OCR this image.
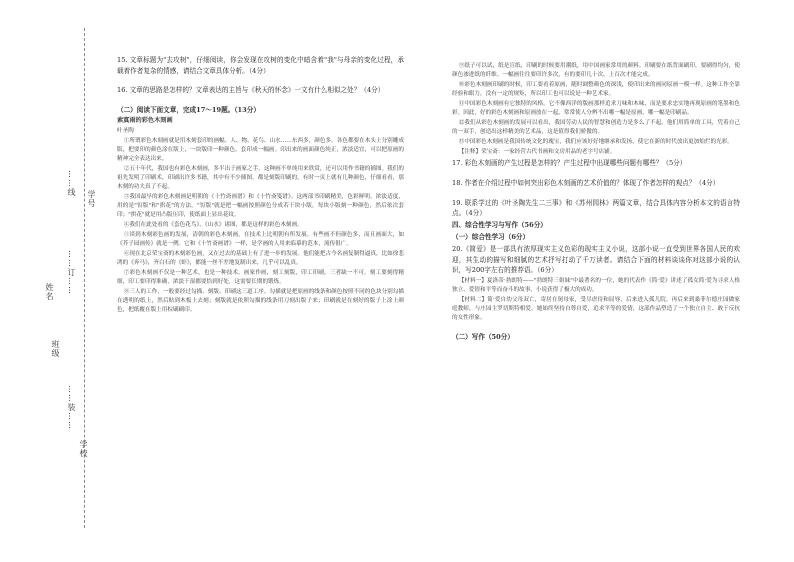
……线
学号
……订……
姓名
班级
……装……
学校

15. 文章标题为"去攻树"，仔细阅读，你会发现在攻树的变化中暗含着"我"与母亲的变化过程，承载着作者复杂的情感，请结合文章具体分析。（4分）

16. 文章的思路是怎样的？文章表达的主旨与《秋天的怀念》一文有什么相似之处？（4分）

（二）阅读下面文章，完成17～19题。（13分）

索寞雨的彩色木刻画

叶圣陶

①所谓彩色木刻画就是用木刻套印的画幅。人、物、花鸟、山水……东西多，颜色多，各色都要在木头上分别雕成版，把要印的颜色涂在版上，一块版印一种颜色，套印成一幅画。印出来的画面颜色纯正，浓淡适宜，可以把原画的精神完全表达出来。

②五十年代，我国也有彩色木刻画，多半出于画家之手。这种画不单纯用来欣赏，还可以用作书籍的插图。我们的祖先发明了印刷术，印刷出许多书籍，其中有不少插图，都是刻版印刷的，有时一页上就有几种颜色，仔细看看，那木刻的功夫真了不起。

③我国最早的彩色木刻画是明朝的《十竹斋画谱》和《十竹斋笺谱》。这两部书印刷精美，色彩鲜明，浓淡适度，用的是"饾版"和"拱花"的方法。"饾版"就是把一幅画按照颜色分成若干块小版，每块小版刻一种颜色，然后依次套印；"拱花"就是用凸版压印，使纸面上显出花纹。

④我们在此处看的《套色花鸟》、《山水》诸图，都是这样的彩色木刻画。

⑤谈到木刻彩色画的发展，清朝的彩色木刻画，在技术上比明朝有所发展。有些画不但颜色多，而且画面大，如《芥子园画传》就是一例。它和《十竹斋画谱》一样，是学画的人用来临摹的范本，流传很广。

⑥现在北京荣宝斋的木刻彩色画，又在过去的基础上有了进一步的发展。他们能把古今名画复制得逼真，比如徐悲鸿的《奔马》，齐白石的《虾》，都能一丝不差地复制出来，几乎可以乱真。

⑦彩色木刻画不仅是一种艺术，也是一种技术。画家作画，刻工刻版，印工印刷，三者缺一不可。刻工要刻得精细，印工要印得准确，浓淡干湿都要恰到好处，这需要长期的锻炼。

⑧三人的工作，一般要经过勾描、刻版、印刷这三道工序。勾描就是把原画的线条和颜色按照不同的色块分别勾描在透明的纸上，然后贴到木板上去刻；刻版就是依照勾描的线条用刀刻出版子来；印刷就是在刻好的版子上涂上颜色，把纸覆在版上用棕刷刷印。

⑨纸子可以试，纸是宣纸，印刷的时候要用潮纸，用中国画家常用的颜料。印刷要在纸背面刷印，要刷得均匀，使颜色渗进纸的纤维。一幅画往往要印许多次，有的要印几十次、上百次才能完成。

⑩彩色木刻画印刷的时候，印工要看着原画，随时调整颜色的深浅，使印出来的画同原画一模一样。这种工作全靠经验和眼力，没有一定的规矩，所以印工也可以说是一种艺术家。

⑪中国彩色木刻画有它独特的风格。它不像西洋的版画那样追求刀味和木味，而是要求忠实地再现原画的笔墨和色彩。因此，好的彩色木刻画和原画放在一起，常常使人分辨不出哪一幅是原画，哪一幅是印刷品。

⑫我们从彩色木刻画的发展可以看出，我国劳动人民的智慧和创造力是多么了不起。他们用简单的工具，凭着自己的一双手，创造出这样精美的艺术品，这是值得我们骄傲的。

⑬中国彩色木刻画是我国传统文化的瑰宝，我们应该好好地继承和发扬，使它在新的时代放出更加灿烂的光彩。

【注释】荣宝斋：一家经营古代书画和文房用品的老字号店铺。

17. 彩色木刻画的产生过程是怎样的？产生过程中出现哪些问题有哪些？（5分）

18. 作者在介绍过程中如何突出彩色木刻画的艺术价值的？体现了作者怎样的观点？（4分）

19. 联系学过的《叶圣陶先生二三事》和《苏州园林》两篇文章，结合具体内容分析本文的语言特点。（4分）

四、综合性学习与写作（56分）

（一）综合性学习（6分）

20.《简爱》是一部具有浓厚现实主义色彩的现实主义小说，这部小说一直受到世界各国人民的欢迎，其生动的描写和细腻的艺术抒写打动了千万读者。请结合下面的材料谈谈你对这部小说的认识，写200字左右的推荐语。（6分）

【材料一】夏洛蒂·勃朗特——"勃朗特三姐妹"中最著名的一位，她的代表作《简·爱》讲述了孤女简·爱为寻求人格独立、爱情和平等而奋斗的故事，小说获得了极大的成功。

【材料二】简·爱自幼父母双亡，寄居在舅母家，受尽虐待和屈辱，后来进入孤儿院，再后来到桑菲尔德庄园做家庭教师，与庄园主罗切斯特相爱。她始终坚持自尊自爱，追求平等的爱情，这部作品塑造了一个独立自主、敢于反抗的女性形象。

（二）写作（50分）
